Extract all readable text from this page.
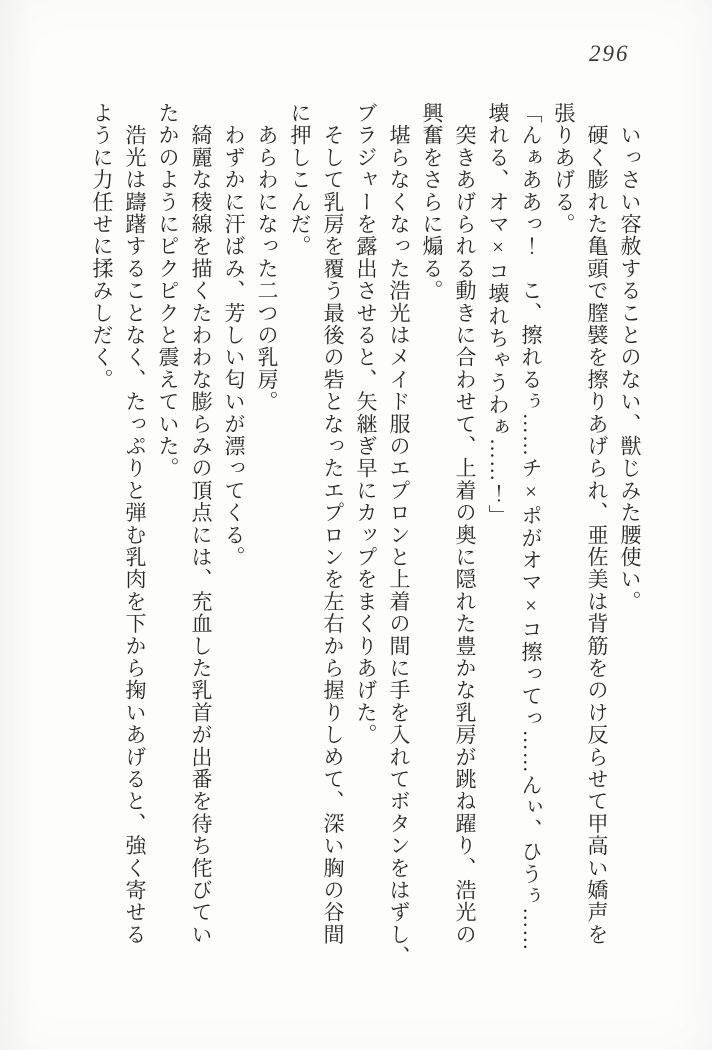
296

　いっさい容赦することのない、獣じみた腰使い。

　硬く膨れた亀頭で膣襞を擦りあげられ、亜佐美は背筋をのけ反らせて甲高い嬌声を

張りあげる。

「んぁああっ！　こ、擦れるぅ……チ×ポがオマ×コ擦ってっ……んぃ、ひうぅ……

壊れる、オマ×コ壊れちゃうわぁ……！」

　突きあげられる動きに合わせて、上着の奥に隠れた豊かな乳房が跳ね躍り、浩光の

興奮をさらに煽る。

　堪らなくなった浩光はメイド服のエプロンと上着の間に手を入れてボタンをはずし、

ブラジャーを露出させると、矢継ぎ早にカップをまくりあげた。

　そして乳房を覆う最後の砦となったエプロンを左右から握りしめて、深い胸の谷間

に押しこんだ。

　あらわになった二つの乳房。

　わずかに汗ばみ、芳しい匂いが漂ってくる。

　綺麗な稜線を描くたわわな膨らみの頂点には、充血した乳首が出番を待ち侘びてい

たかのようにピクピクと震えていた。

　浩光は躊躇することなく、たっぷりと弾む乳肉を下から掬いあげると、強く寄せる

ように力任せに揉みしだく。
